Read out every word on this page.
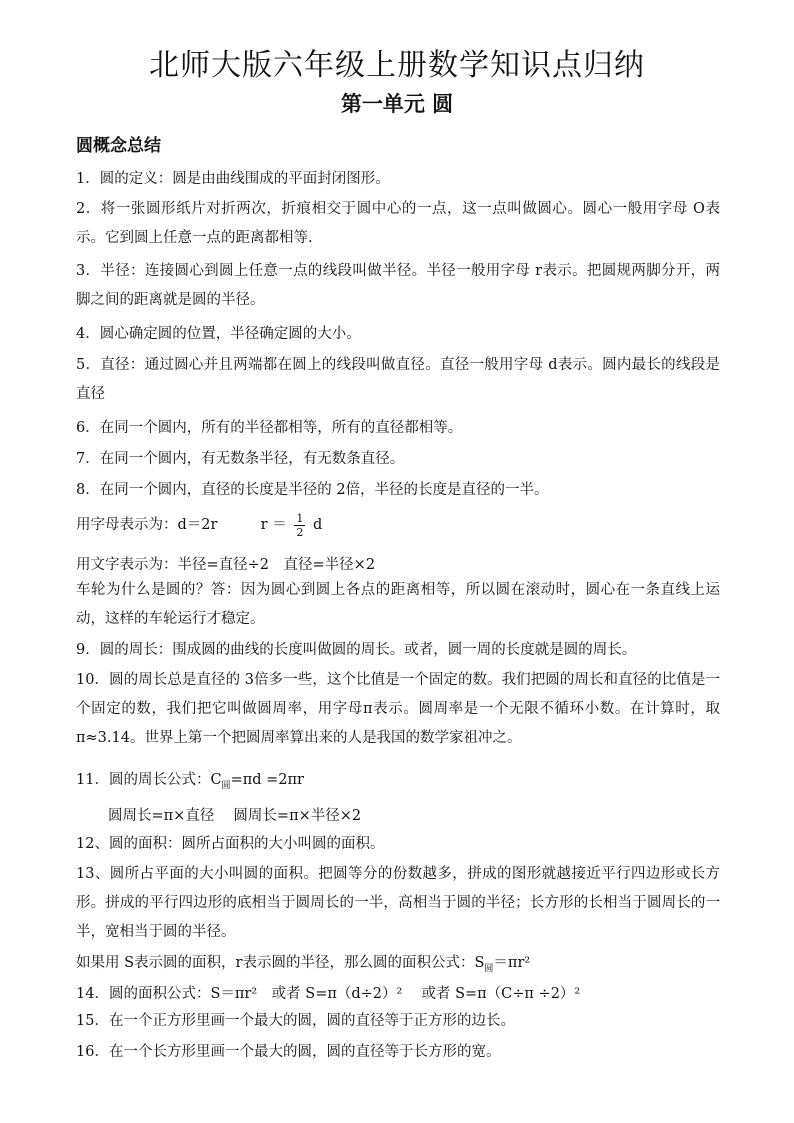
北师大版六年级上册数学知识点归纳
第一单元 圆
圆概念总结

1．圆的定义：圆是由曲线围成的平面封闭图形。

2．将一张圆形纸片对折两次，折痕相交于圆中心的一点，这一点叫做圆心。圆心一般用字母 O表示。它到圆上任意一点的距离都相等.

3．半径：连接圆心到圆上任意一点的线段叫做半径。半径一般用字母 r表示。把圆规两脚分开，两脚之间的距离就是圆的半径。

4．圆心确定圆的位置，半径确定圆的大小。

5．直径：通过圆心并且两端都在圆上的线段叫做直径。直径一般用字母 d表示。圆内最长的线段是直径

6．在同一个圆内，所有的半径都相等，所有的直径都相等。

7．在同一个圆内，有无数条半径，有无数条直径。

8．在同一个圆内，直径的长度是半径的 2倍，半径的长度是直径的一半。

用字母表示为：d＝2r	$r = \frac{1}{2}$ d

用文字表示为：半径=直径÷2　直径=半径×2

车轮为什么是圆的？答：因为圆心到圆上各点的距离相等，所以圆在滚动时，圆心在一条直线上运动，这样的车轮运行才稳定。

9．圆的周长：围成圆的曲线的长度叫做圆的周长。或者，圆一周的长度就是圆的周长。

10．圆的周长总是直径的 3倍多一些，这个比值是一个固定的数。我们把圆的周长和直径的比值是一个固定的数，我们把它叫做圆周率，用字母π表示。圆周率是一个无限不循环小数。在计算时，取π≈3.14。世界上第一个把圆周率算出来的人是我国的数学家祖冲之。

11．圆的周长公式：$C_圆=\pi d =2\pi r$

圆周长=π×直径　 圆周长=π×半径×2

12、圆的面积：圆所占面积的大小叫圆的面积。

13、圆所占平面的大小叫圆的面积。把圆等分的份数越多，拼成的图形就越接近平行四边形或长方形。拼成的平行四边形的底相当于圆周长的一半，高相当于圆的半径；长方形的长相当于圆周长的一半，宽相当于圆的半径。

如果用 S表示圆的面积，r表示圆的半径，那么圆的面积公式：$S_圆=\pi r^2$

14．圆的面积公式：S＝πr²　或者 S=π（d÷2）²　 或者 S=π（C÷π ÷2）²

15．在一个正方形里画一个最大的圆，圆的直径等于正方形的边长。

16．在一个长方形里画一个最大的圆，圆的直径等于长方形的宽。
